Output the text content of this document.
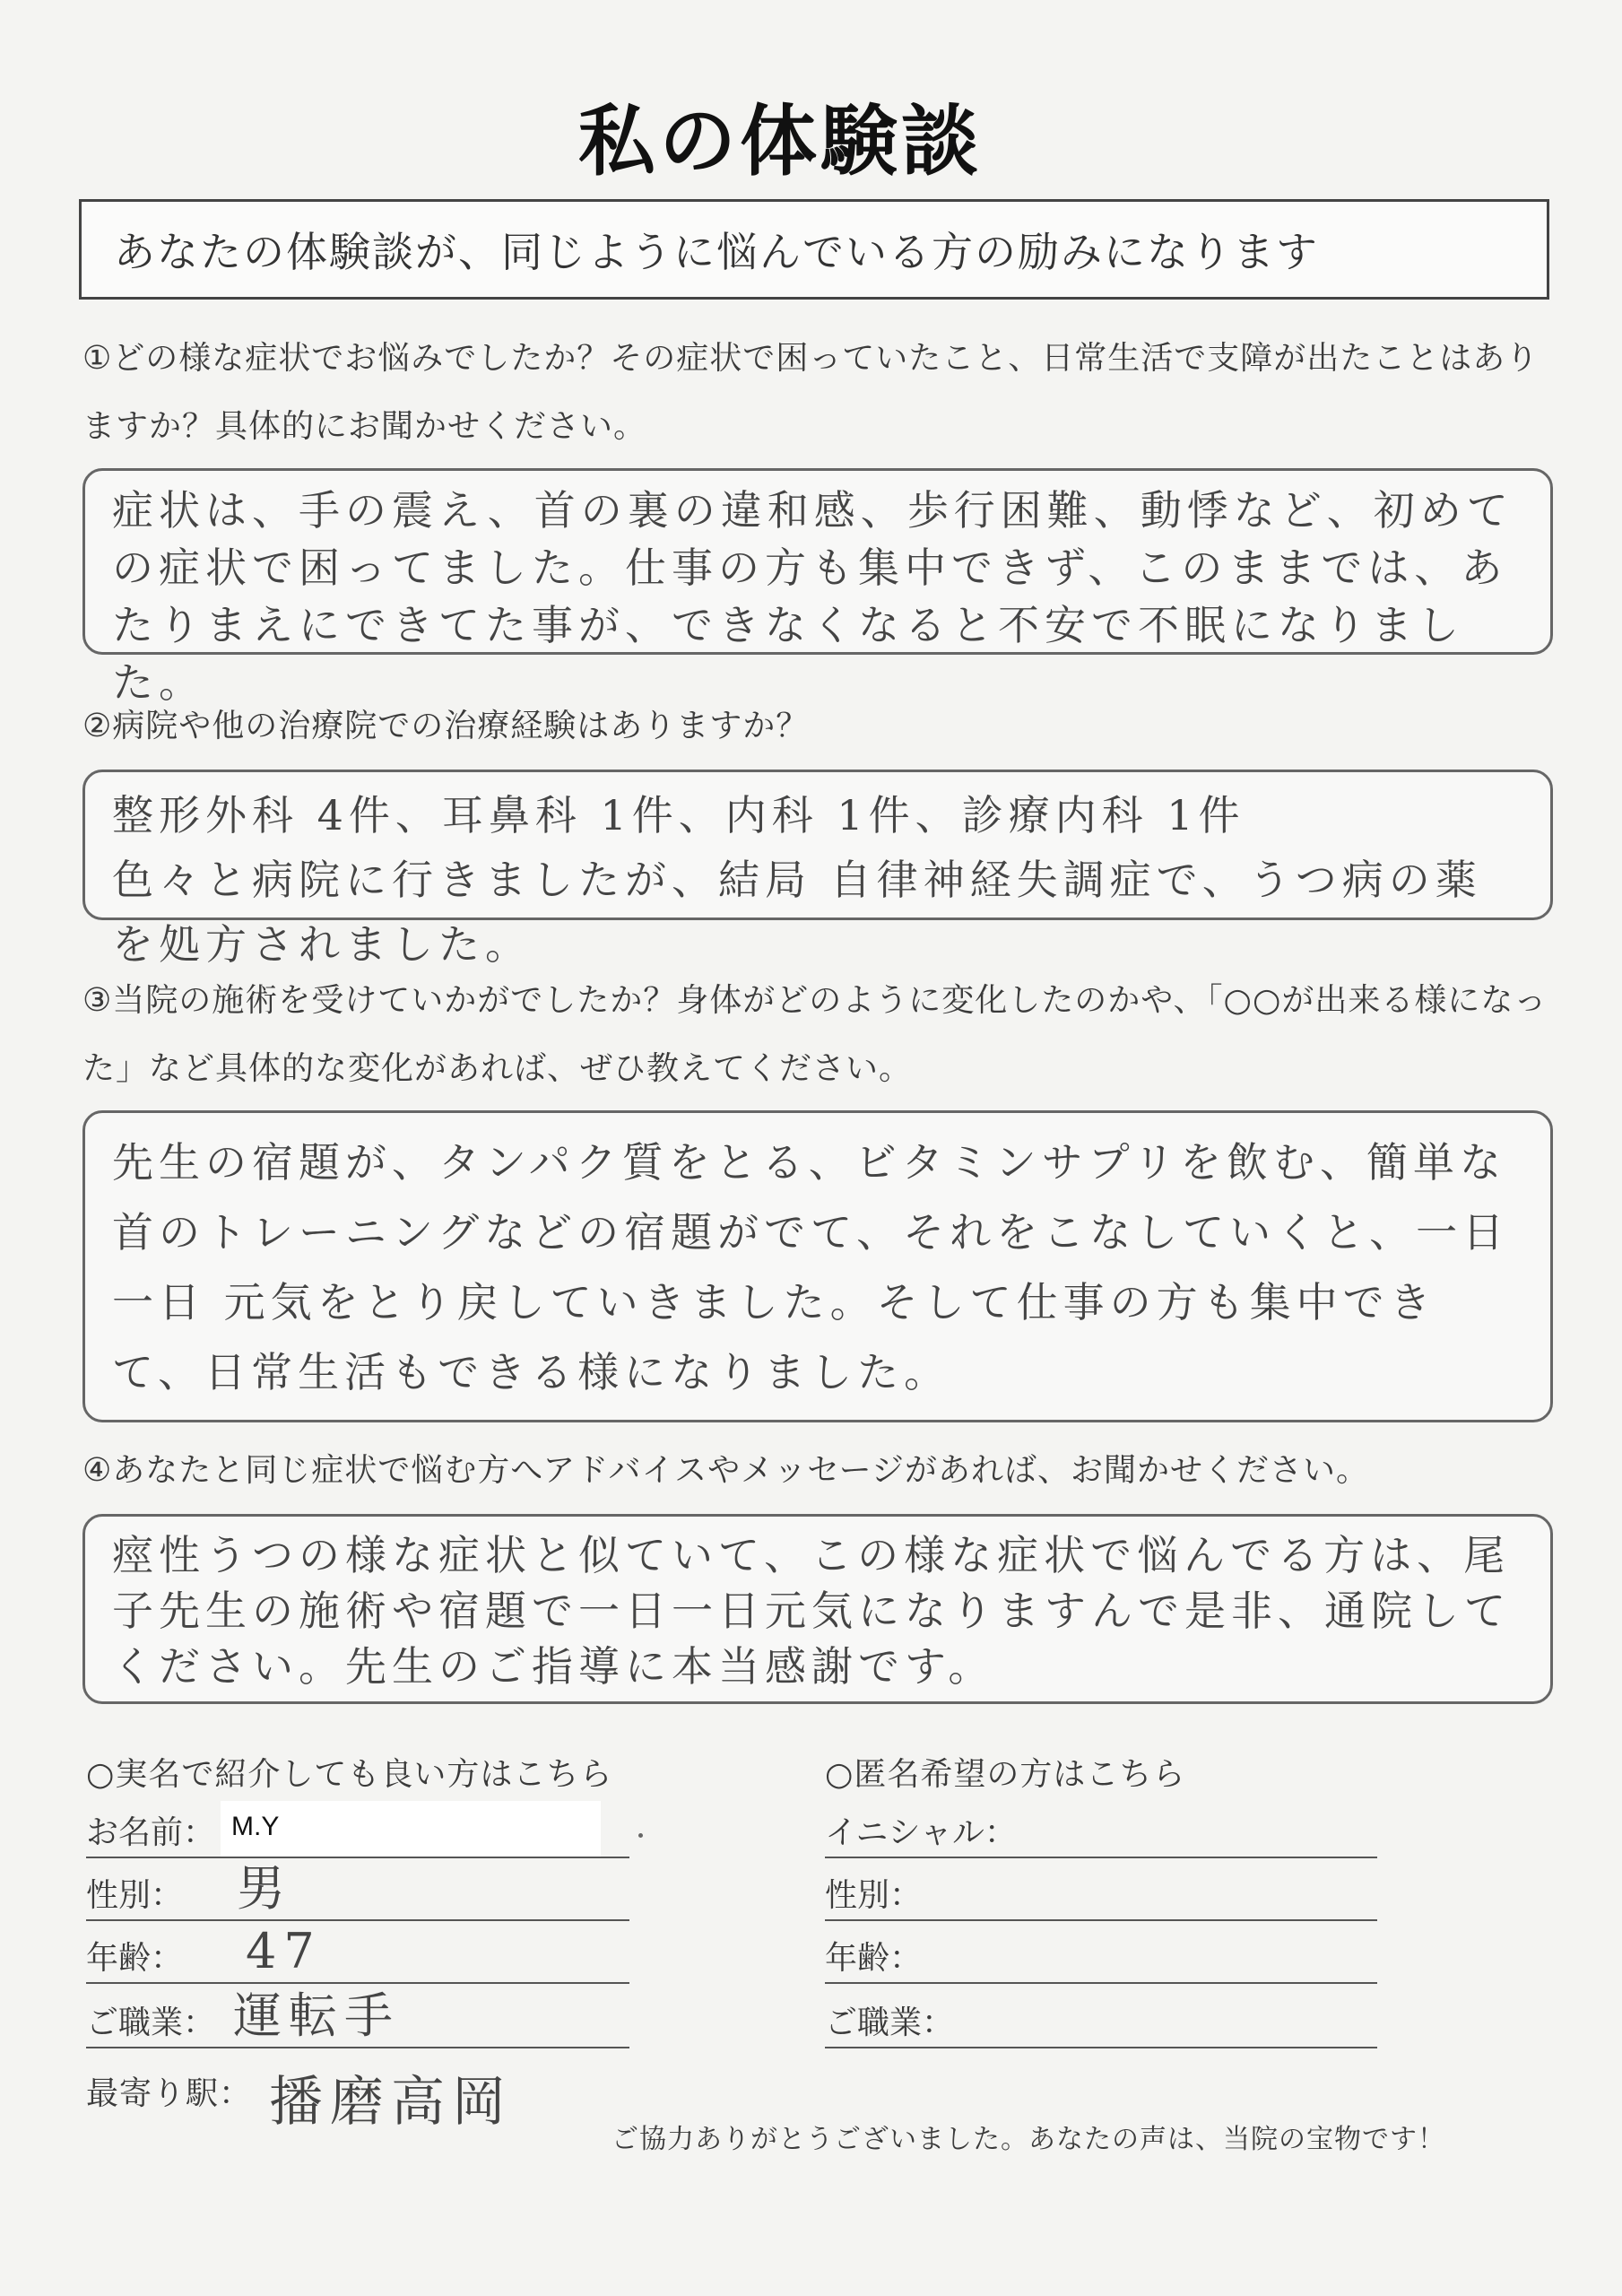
私の体験談
あなたの体験談が、同じように悩んでいる方の励みになります
①どの様な症状でお悩みでしたか？その症状で困っていたこと、日常生活で支障が出たことはありますか？具体的にお聞かせください。
症状は、手の震え、首の裏の違和感、歩行困難、動悸など、初めての症状で困ってました。仕事の方も集中できず、このままでは、あたりまえにできてた事が、できなくなると不安で不眠になりました。
②病院や他の治療院での治療経験はありますか？
整形外科 4件、耳鼻科 1件、内科 1件、診療内科 1件
色々と病院に行きましたが、結局 自律神経失調症で、うつ病の薬を処方されました。
③当院の施術を受けていかがでしたか？身体がどのように変化したのかや、「○○が出来る様になった」など具体的な変化があれば、ぜひ教えてください。
先生の宿題が、タンパク質をとる、ビタミンサプリを飲む、簡単な首のトレーニングなどの宿題がでて、それをこなしていくと、一日一日 元気をとり戻していきました。そして仕事の方も集中できて、日常生活もできる様になりました。
④あなたと同じ症状で悩む方へアドバイスやメッセージがあれば、お聞かせください。
痙性うつの様な症状と似ていて、この様な症状で悩んでる方は、尾子先生の施術や宿題で一日一日元気になりますんで是非、通院してください。先生のご指導に本当感謝です。
○実名で紹介しても良い方はこちら
お名前： M.Y
性別： 男
年齢： 47
ご職業： 運転手
最寄り駅： 播磨高岡
○匿名希望の方はこちら
イニシャル：
性別：
年齢：
ご職業：
ご協力ありがとうございました。あなたの声は、当院の宝物です！
